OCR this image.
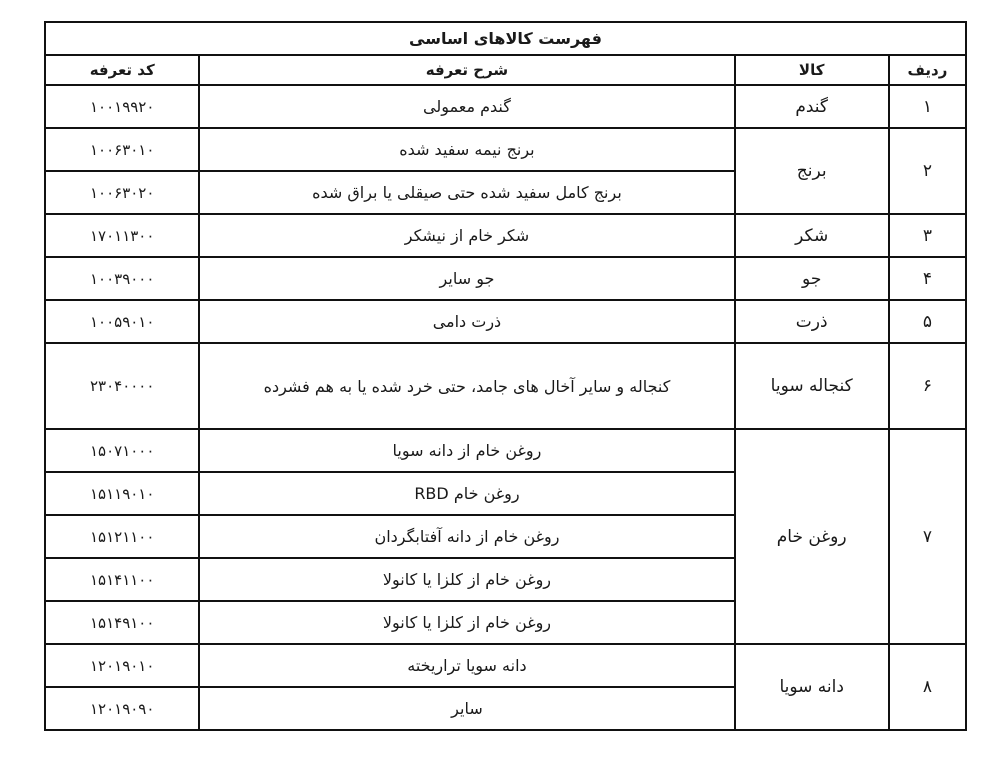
فهرست کالاهای اساسی			
ردیف	کالا	شرح تعرفه	کد تعرفه
۱	گندم	گندم معمولی	۱۰۰۱۹۹۲۰
۲	برنج	برنج نیمه سفید شده	۱۰۰۶۳۰۱۰
		برنج کامل سفید شده حتی صیقلی یا براق شده	۱۰۰۶۳۰۲۰
۳	شکر	شکر خام از نیشکر	۱۷۰۱۱۳۰۰
۴	جو	جو سایر	۱۰۰۳۹۰۰۰
۵	ذرت	ذرت دامی	۱۰۰۵۹۰۱۰
۶	کنجاله سویا	کنجاله و سایر آخال های جامد، حتی خرد شده یا به هم فشرده	۲۳۰۴۰۰۰۰
۷	روغن خام	روغن خام از دانه سویا	۱۵۰۷۱۰۰۰
		روغن خام RBD	۱۵۱۱۹۰۱۰
		روغن خام از دانه آفتابگردان	۱۵۱۲۱۱۰۰
		روغن خام از کلزا یا کانولا	۱۵۱۴۱۱۰۰
		روغن خام از کلزا یا کانولا	۱۵۱۴۹۱۰۰
۸	دانه سویا	دانه سویا تراریخته	۱۲۰۱۹۰۱۰
		سایر	۱۲۰۱۹۰۹۰
